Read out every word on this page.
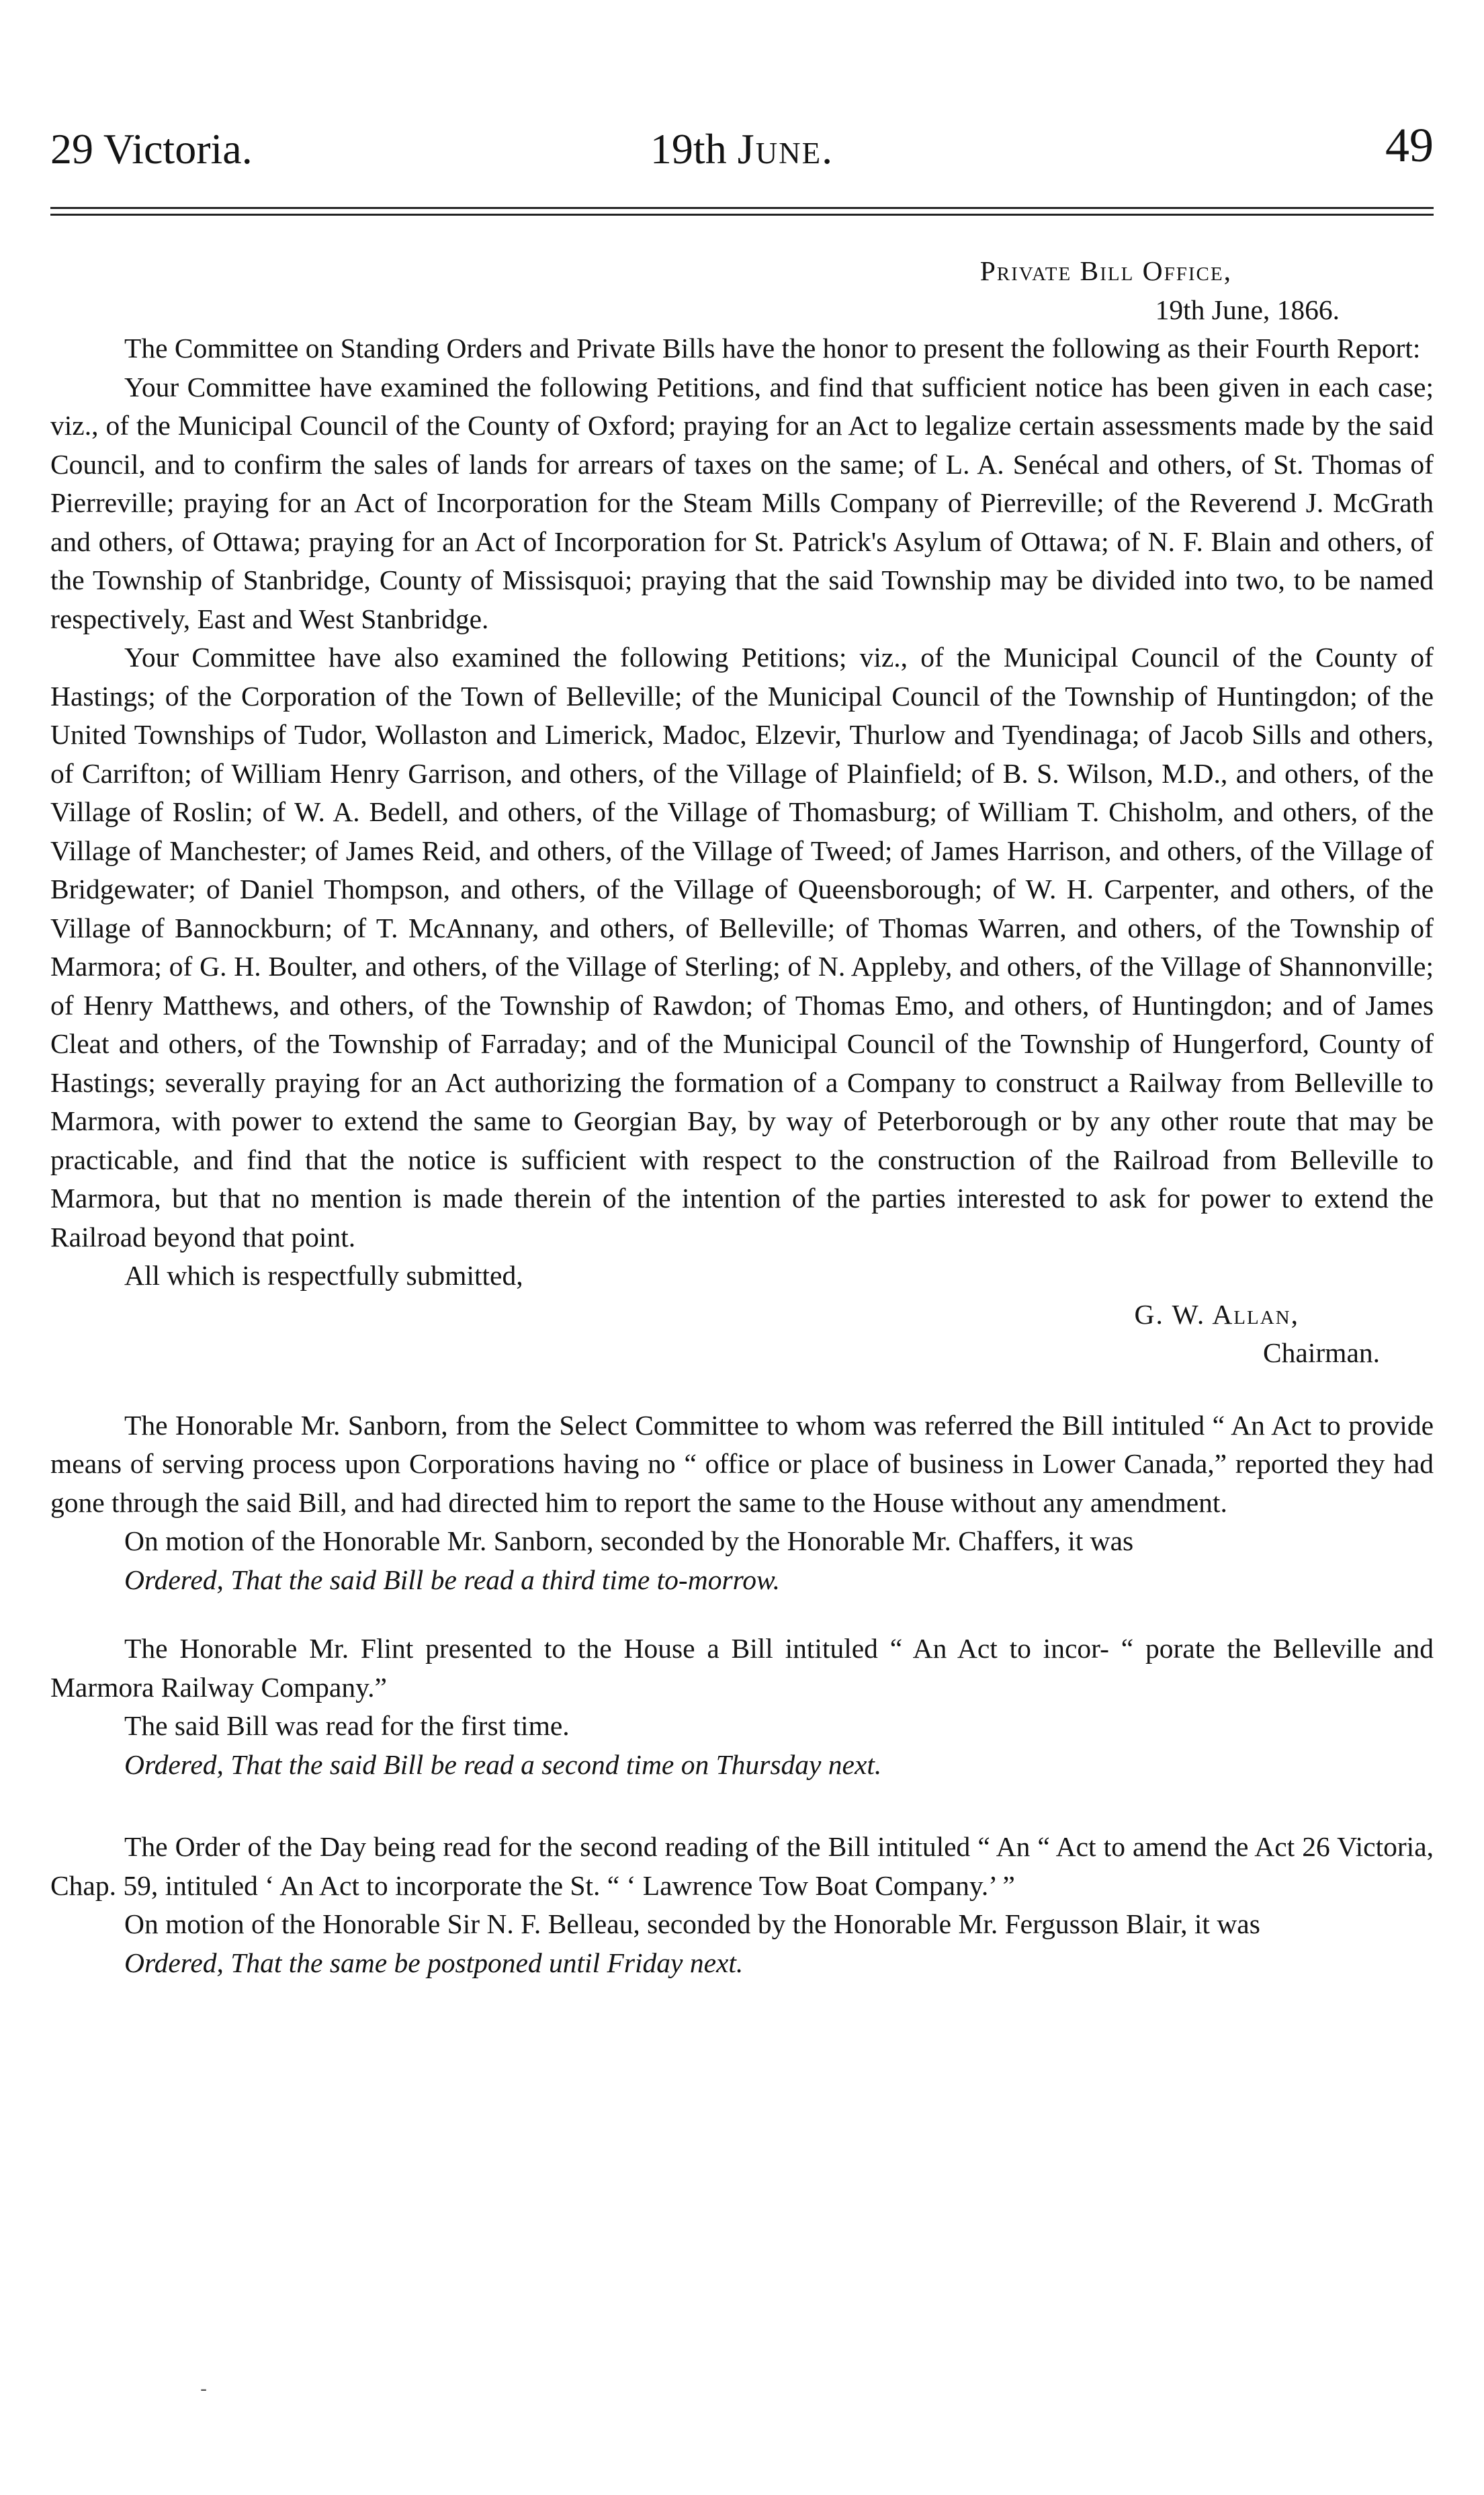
29 Victoria.	19th June.	49

Private Bill Office,

19th June, 1866.

The Committee on Standing Orders and Private Bills have the honor to present the following as their Fourth Report:

Your Committee have examined the following Petitions, and find that sufficient notice has been given in each case; viz., of the Municipal Council of the County of Oxford; praying for an Act to legalize certain assessments made by the said Council, and to confirm the sales of lands for arrears of taxes on the same; of L. A. Senécal and others, of St. Thomas of Pierreville; praying for an Act of Incorporation for the Steam Mills Company of Pierreville; of the Reverend J. McGrath and others, of Ottawa; praying for an Act of Incorporation for St. Patrick's Asylum of Ottawa; of N. F. Blain and others, of the Township of Stanbridge, County of Missisquoi; praying that the said Township may be divided into two, to be named respectively, East and West Stanbridge.

Your Committee have also examined the following Petitions; viz., of the Municipal Council of the County of Hastings; of the Corporation of the Town of Belleville; of the Municipal Council of the Township of Huntingdon; of the United Townships of Tudor, Wollaston and Limerick, Madoc, Elzevir, Thurlow and Tyendinaga; of Jacob Sills and others, of Carrifton; of William Henry Garrison, and others, of the Village of Plainfield; of B. S. Wilson, M.D., and others, of the Village of Roslin; of W. A. Bedell, and others, of the Village of Thomasburg; of William T. Chisholm, and others, of the Village of Manchester; of James Reid, and others, of the Village of Tweed; of James Harrison, and others, of the Village of Bridgewater; of Daniel Thompson, and others, of the Village of Queensborough; of W. H. Carpenter, and others, of the Village of Bannockburn; of T. McAnnany, and others, of Belleville; of Thomas Warren, and others, of the Township of Marmora; of G. H. Boulter, and others, of the Village of Sterling; of N. Appleby, and others, of the Village of Shannonville; of Henry Matthews, and others, of the Township of Rawdon; of Thomas Emo, and others, of Huntingdon; and of James Cleat and others, of the Township of Farraday; and of the Municipal Council of the Township of Hungerford, County of Hastings; severally praying for an Act authorizing the formation of a Company to construct a Railway from Belleville to Marmora, with power to extend the same to Georgian Bay, by way of Peterborough or by any other route that may be practicable, and find that the notice is sufficient with respect to the construction of the Railroad from Belleville to Marmora, but that no mention is made therein of the intention of the parties interested to ask for power to extend the Railroad beyond that point.

All which is respectfully submitted,

G. W. Allan,

Chairman.

The Honorable Mr. Sanborn, from the Select Committee to whom was referred the Bill intituled “ An Act to provide means of serving process upon Corporations having no “ office or place of business in Lower Canada,” reported they had gone through the said Bill, and had directed him to report the same to the House without any amendment.

On motion of the Honorable Mr. Sanborn, seconded by the Honorable Mr. Chaffers, it was

Ordered, That the said Bill be read a third time to-morrow.

The Honorable Mr. Flint presented to the House a Bill intituled “ An Act to incor- “ porate the Belleville and Marmora Railway Company.”

The said Bill was read for the first time.

Ordered, That the said Bill be read a second time on Thursday next.

The Order of the Day being read for the second reading of the Bill intituled “ An “ Act to amend the Act 26 Victoria, Chap. 59, intituled ‘ An Act to incorporate the St. “ ‘ Lawrence Tow Boat Company.’ ”

On motion of the Honorable Sir N. F. Belleau, seconded by the Honorable Mr. Fergusson Blair, it was

Ordered, That the same be postponed until Friday next.

-
